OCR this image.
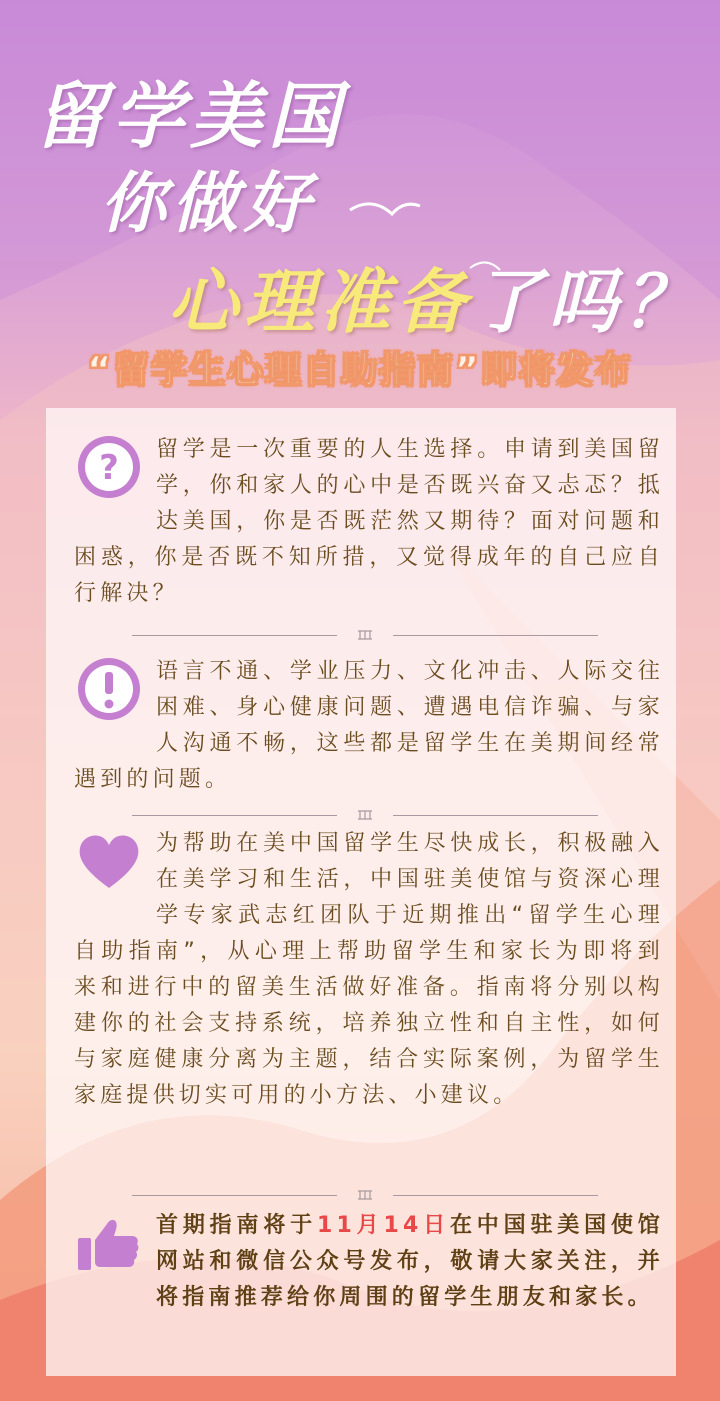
留学美国
你做好
心理准备了吗？
“留学生心理自助指南”即将发布
?	留学是一次重要的人生选择。申请到美国留学，你和家人的心中是否既兴奋又忐忑？抵达美国，你是否既茫然又期待？面对问题和困惑，你是否既不知所措，又觉得成年的自己应自行解决？

语言不通、学业压力、文化冲击、人际交往困难、身心健康问题、遭遇电信诈骗、与家人沟通不畅，这些都是留学生在美期间经常遇到的问题。

为帮助在美中国留学生尽快成长，积极融入在美学习和生活，中国驻美使馆与资深心理学专家武志红团队于近期推出“留学生心理自助指南”，从心理上帮助留学生和家长为即将到来和进行中的留美生活做好准备。指南将分别以构建你的社会支持系统，培养独立性和自主性，如何与家庭健康分离为主题，结合实际案例，为留学生家庭提供切实可用的小方法、小建议。

首期指南将于11月14日在中国驻美国使馆网站和微信公众号发布，敬请大家关注，并将指南推荐给你周围的留学生朋友和家长。
